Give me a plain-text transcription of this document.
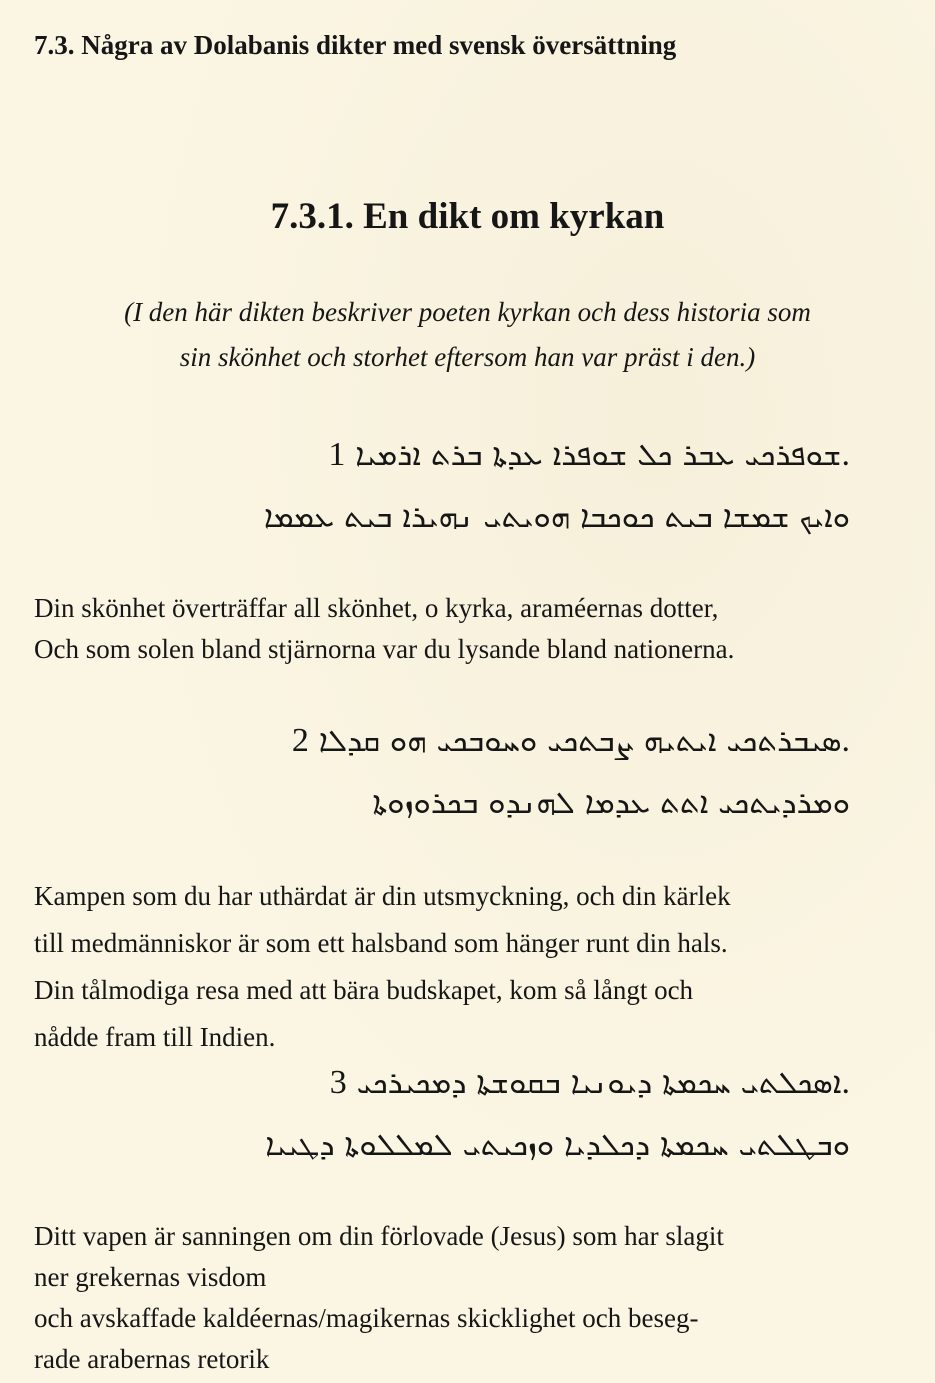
7.3. Några av Dolabanis dikter med svensk översättning
7.3.1. En dikt om kyrkan
(I den här dikten beskriver poeten kyrkan och dess historia som
sin skönhet och storhet eftersom han var präst i den.)
ܫܘܦܪܟܝ ܥܒܪ ܟܠ ܫܘܦܪܐ ܥܕܬܐ ܒܪܬ ܐܪܡܝܐ 1.
ܘܐܝܟ ܫܡܫܐ ܒܝܬ ܟܘܟܒܐ ܗܘܝܬܝ ܢܗܝܪܐ ܒܝܬ ܥܡܡܐ
Din skönhet överträffar all skönhet, o kyrka, araméernas dotter,
Och som solen bland stjärnorna var du lysande bland nationerna.
ܣܝܒܪܬܟܝ ܐܝܬܝܗ ܨܒܬܟܝ ܘܚܘܒܟܝ ܗܘ ܩܕܠܐ 2.
ܘܡܪܕܝܬܟܝ ܐܬܬ ܥܕܡܐ ܠܗܢܕܘ ܒܟܪܘܙܘܬܐ
Kampen som du har uthärdat är din utsmyckning, och din kärlek
till medmänniskor är som ett halsband som hänger runt din hals.
Din tålmodiga resa med att bära budskapet, kom så långt och
nådde fram till Indien.
ܐܣܟܠܬܝ ܚܟܡܬܐ ܕܝܘܢܝܐ ܒܩܘܫܬܐ ܕܡܟܝܪܟܝ 3.
ܘܒܛܠܬܝ ܚܟܡܬܐ ܕܟܠܕܝܐ ܘܙܟܝܬܝ ܠܡܠܠܘܬܐ ܕܛܝܝܐ
Ditt vapen är sanningen om din förlovade (Jesus) som har slagit
ner grekernas visdom
och avskaffade kaldéernas/magikernas skicklighet och beseg-
rade arabernas retorik
